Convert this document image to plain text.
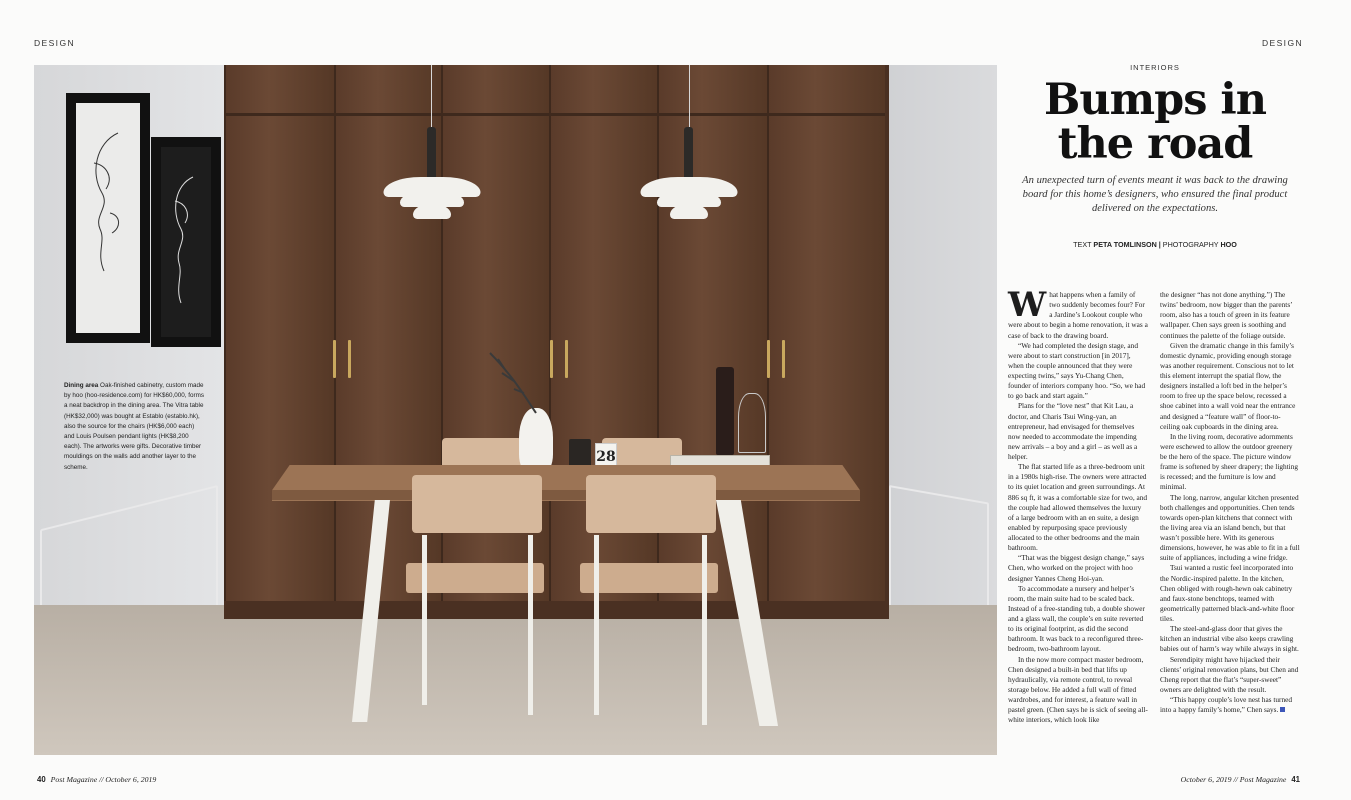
DESIGN	DESIGN
28
Dining area Oak-finished cabinetry, custom made by hoo (hoo-residence.com) for HK$60,000, forms a neat backdrop in the dining area. The Vitra table (HK$32,000) was bought at Establo (establo.hk), also the source for the chairs (HK$6,000 each) and Louis Poulsen pendant lights (HK$8,200 each). The artworks were gifts. Decorative timber mouldings on the walls add another layer to the scheme.
INTERIORS
Bumps in
the road
An unexpected turn of events meant it was back to the drawing board for this home’s designers, who ensured the final product delivered on the expectations.
TEXT PETA TOMLINSON | PHOTOGRAPHY HOO

What happens when a family of two suddenly becomes four? For a Jardine’s Lookout couple who were about to begin a home renovation, it was a case of back to the drawing board.

“We had completed the design stage, and were about to start construction [in 2017], when the couple announced that they were expecting twins,” says Yu-Chang Chen, founder of interiors company hoo. “So, we had to go back and start again.”

Plans for the “love nest” that Kit Lau, a doctor, and Charis Tsui Wing-yan, an entrepreneur, had envisaged for themselves now needed to accommodate the impending new arrivals – a boy and a girl – as well as a helper.

The flat started life as a three-bedroom unit in a 1980s high-rise. The owners were attracted to its quiet location and green surroundings. At 886 sq ft, it was a comfortable size for two, and the couple had allowed themselves the luxury of a large bedroom with an en suite, a design enabled by repurposing space previously allocated to the other bedrooms and the main bathroom.

“That was the biggest design change,” says Chen, who worked on the project with hoo designer Yannes Cheng Hoi-yan.

To accommodate a nursery and helper’s room, the main suite had to be scaled back. Instead of a free-standing tub, a double shower and a glass wall, the couple’s en suite reverted to its original footprint, as did the second bathroom. It was back to a reconfigured three-bedroom, two-bathroom layout.

In the now more compact master bedroom, Chen designed a built-in bed that lifts up hydraulically, via remote control, to reveal storage below. He added a full wall of fitted wardrobes, and for interest, a feature wall in pastel green. (Chen says he is sick of seeing all-white interiors, which look like

the designer “has not done anything.”) The twins’ bedroom, now bigger than the parents’ room, also has a touch of green in its feature wallpaper. Chen says green is soothing and continues the palette of the foliage outside.

Given the dramatic change in this family’s domestic dynamic, providing enough storage was another requirement. Conscious not to let this element interrupt the spatial flow, the designers installed a loft bed in the helper’s room to free up the space below, recessed a shoe cabinet into a wall void near the entrance and designed a “feature wall” of floor-to-ceiling oak cupboards in the dining area.

In the living room, decorative adornments were eschewed to allow the outdoor greenery be the hero of the space. The picture window frame is softened by sheer drapery; the lighting is recessed; and the furniture is low and minimal.

The long, narrow, angular kitchen presented both challenges and opportunities. Chen tends towards open-plan kitchens that connect with the living area via an island bench, but that wasn’t possible here. With its generous dimensions, however, he was able to fit in a full suite of appliances, including a wine fridge.

Tsui wanted a rustic feel incorporated into the Nordic-inspired palette. In the kitchen, Chen obliged with rough-hewn oak cabinetry and faux-stone benchtops, teamed with geometrically patterned black-and-white floor tiles.

The steel-and-glass door that gives the kitchen an industrial vibe also keeps crawling babies out of harm’s way while always in sight.

Serendipity might have hijacked their clients’ original renovation plans, but Chen and Cheng report that the flat’s “super-sweet” owners are delighted with the result.

“This happy couple’s love nest has turned into a happy family’s home,” Chen says.

40 Post Magazine // October 6, 2019	October 6, 2019 // Post Magazine 41
